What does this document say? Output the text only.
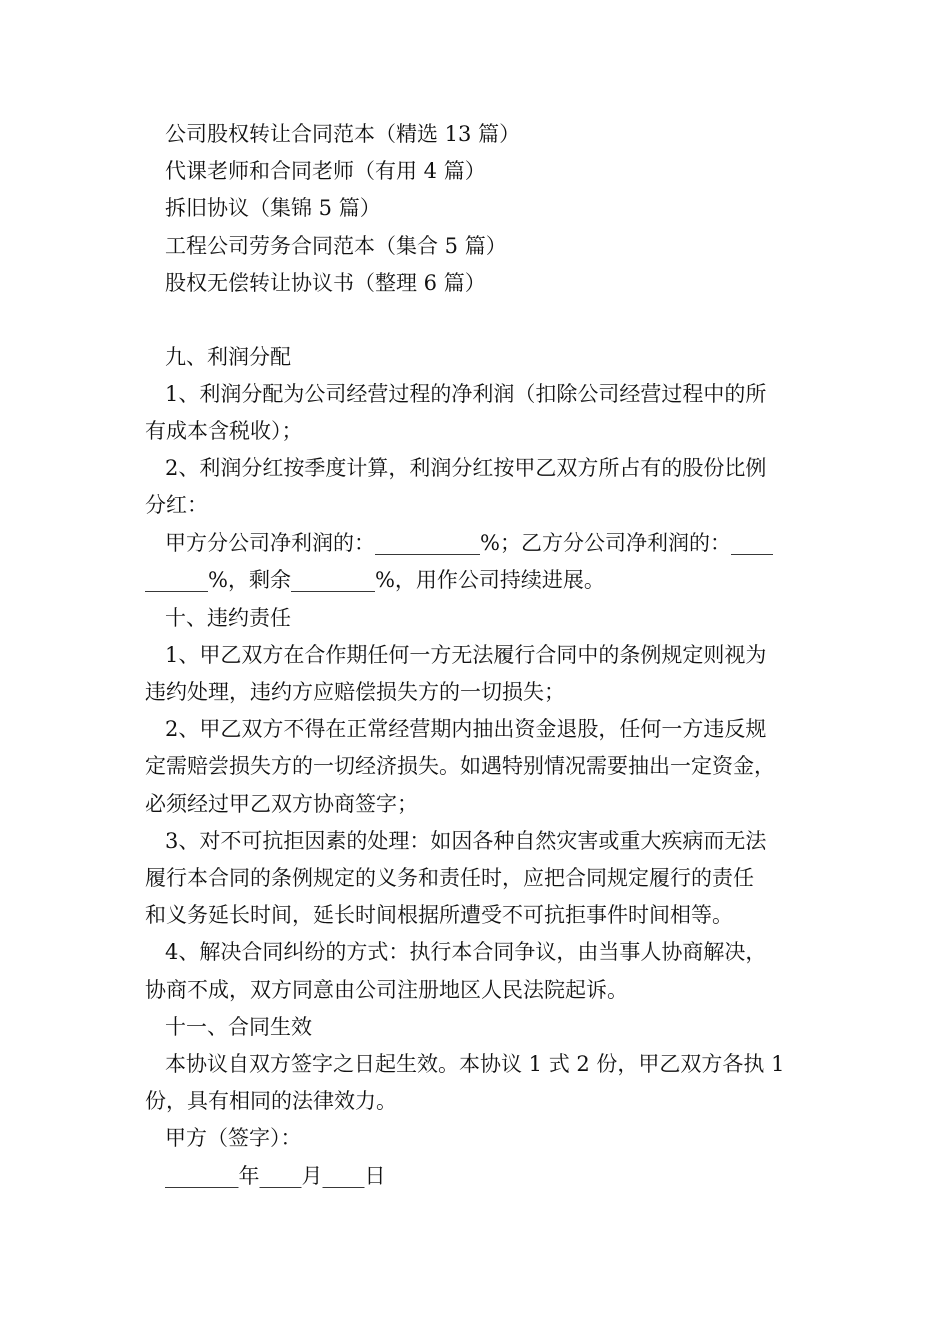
公司股权转让合同范本（精选 13 篇）
代课老师和合同老师（有用 4 篇）
拆旧协议（集锦 5 篇）
工程公司劳务合同范本（集合 5 篇）
股权无偿转让协议书（整理 6 篇）
九、利润分配
1、利润分配为公司经营过程的净利润（扣除公司经营过程中的所
有成本含税收）；
2、利润分红按季度计算，利润分红按甲乙双方所占有的股份比例
分红：
甲方分公司净利润的：__________%；乙方分公司净利润的：____
______%，剩余________%，用作公司持续进展。
十、违约责任
1、甲乙双方在合作期任何一方无法履行合同中的条例规定则视为
违约处理，违约方应赔偿损失方的一切损失；
2、甲乙双方不得在正常经营期内抽出资金退股，任何一方违反规
定需赔尝损失方的一切经济损失。如遇特别情况需要抽出一定资金，
必须经过甲乙双方协商签字；
3、对不可抗拒因素的处理：如因各种自然灾害或重大疾病而无法
履行本合同的条例规定的义务和责任时，应把合同规定履行的责任
和义务延长时间，延长时间根据所遭受不可抗拒事件时间相等。
4、解决合同纠纷的方式：执行本合同争议，由当事人协商解决，
协商不成，双方同意由公司注册地区人民法院起诉。
十一、合同生效
本协议自双方签字之日起生效。本协议 1 式 2 份，甲乙双方各执 1
份，具有相同的法律效力。
甲方（签字）：
_______年____月____日
